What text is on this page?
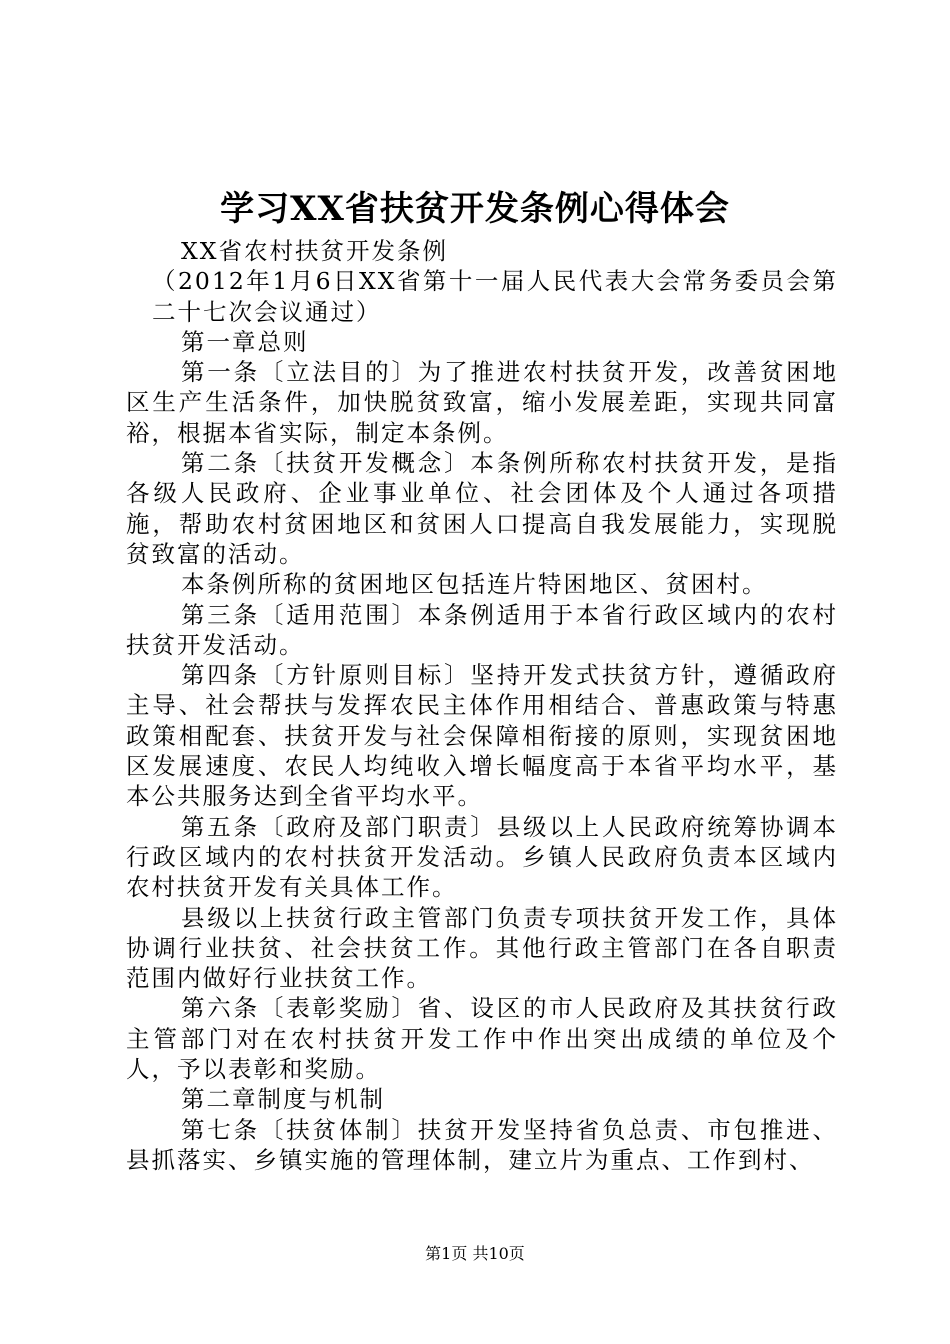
学习XX省扶贫开发条例心得体会

XX省农村扶贫开发条例

（2012年1月6日XX省第十一届人民代表大会常务委员会第二十七次会议通过）

第一章总则

第一条〔立法目的〕为了推进农村扶贫开发，改善贫困地区生产生活条件，加快脱贫致富，缩小发展差距，实现共同富裕，根据本省实际，制定本条例。

第二条〔扶贫开发概念〕本条例所称农村扶贫开发，是指各级人民政府、企业事业单位、社会团体及个人通过各项措施，帮助农村贫困地区和贫困人口提高自我发展能力，实现脱贫致富的活动。

本条例所称的贫困地区包括连片特困地区、贫困村。

第三条〔适用范围〕本条例适用于本省行政区域内的农村扶贫开发活动。

第四条〔方针原则目标〕坚持开发式扶贫方针，遵循政府主导、社会帮扶与发挥农民主体作用相结合、普惠政策与特惠政策相配套、扶贫开发与社会保障相衔接的原则，实现贫困地区发展速度、农民人均纯收入增长幅度高于本省平均水平，基本公共服务达到全省平均水平。

第五条〔政府及部门职责〕县级以上人民政府统筹协调本行政区域内的农村扶贫开发活动。乡镇人民政府负责本区域内农村扶贫开发有关具体工作。

县级以上扶贫行政主管部门负责专项扶贫开发工作，具体协调行业扶贫、社会扶贫工作。其他行政主管部门在各自职责范围内做好行业扶贫工作。

第六条〔表彰奖励〕省、设区的市人民政府及其扶贫行政主管部门对在农村扶贫开发工作中作出突出成绩的单位及个人，予以表彰和奖励。

第二章制度与机制

第七条〔扶贫体制〕扶贫开发坚持省负总责、市包推进、县抓落实、乡镇实施的管理体制，建立片为重点、工作到村、

第1页 共10页
